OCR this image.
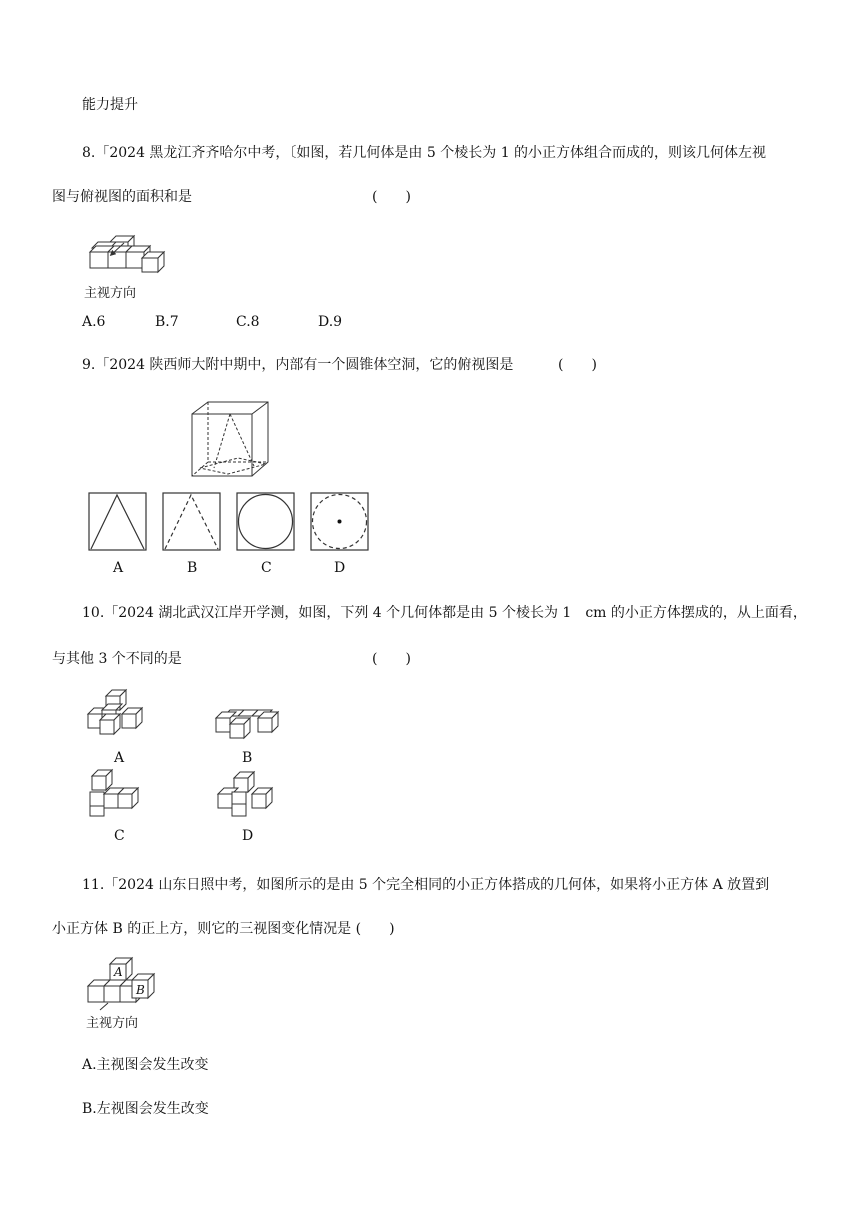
能力提升
8.「2024 黑龙江齐齐哈尔中考，〔如图，若几何体是由 5 个棱长为 1 的小正方体组合而成的，则该几何体左视
图与俯视图的面积和是	(　　)
主视方向
A.6	B.7	C.8	D.9
9.「2024 陕西师大附中期中，内部有一个圆锥体空洞，它的俯视图是	(　　)
A	B	C	D
10.「2024 湖北武汉江岸开学测，如图，下列 4 个几何体都是由 5 个棱长为 1　cm 的小正方体摆成的，从上面看，
与其他 3 个不同的是	(　　)
A	B
C	D
11.「2024 山东日照中考，如图所示的是由 5 个完全相同的小正方体搭成的几何体，如果将小正方体 A 放置到
小正方体 B 的正上方，则它的三视图变化情况是 (　　)
A
B
主视方向
A.主视图会发生改变
B.左视图会发生改变
